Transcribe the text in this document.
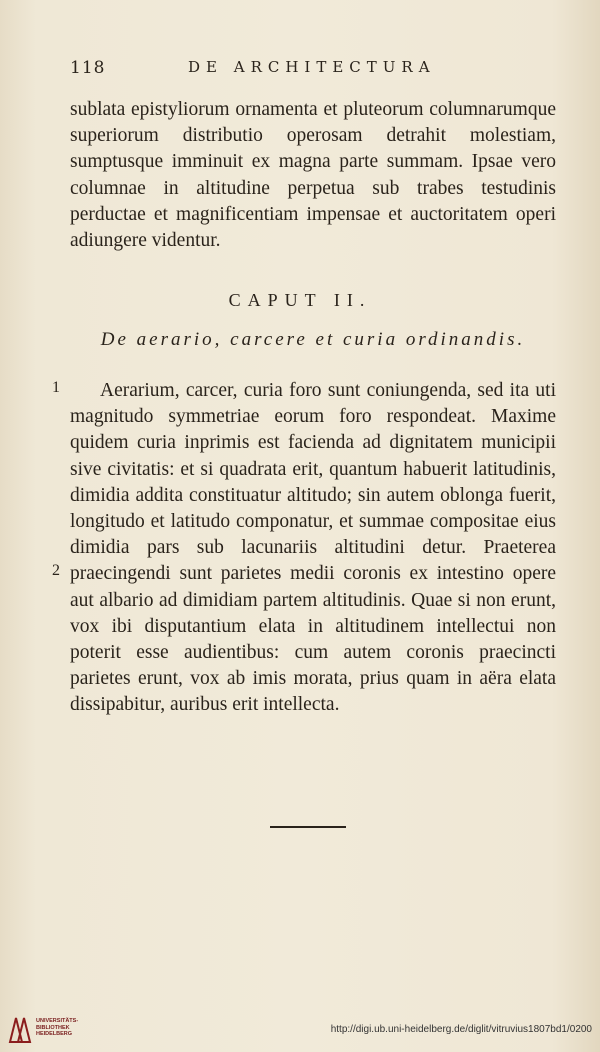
118	DE ARCHITECTURA
sublata epistyliorum ornamenta et pluteorum columnarumque superiorum distributio operosam detrahit molestiam, sumptusque imminuit ex magna parte summam. Ipsae vero columnae in altitudine perpetua sub trabes testudinis perductae et magnificentiam impensae et auctoritatem operi adiungere videntur.
CAPUT II.
De aerario, carcere et curia ordinandis.
1
2
Aerarium, carcer, curia foro sunt coniungenda, sed ita uti magnitudo symmetriae eorum foro respondeat. Maxime quidem curia inprimis est facienda ad dignitatem municipii sive civitatis: et si quadrata erit, quantum habuerit latitudinis, dimidia addita constituatur altitudo; sin autem oblonga fuerit, longitudo et latitudo componatur, et summae compositae eius dimidia pars sub lacunariis altitudini detur. Praeterea praecingendi sunt parietes medii coronis ex intestino opere aut albario ad dimidiam partem altitudinis. Quae si non erunt, vox ibi disputantium elata in altitudinem intellectui non poterit esse audientibus: cum autem coronis praecincti parietes erunt, vox ab imis morata, prius quam in aëra elata dissipabitur, auribus erit intellecta.
UNIVERSITÄTS-
BIBLIOTHEK
HEIDELBERG	http://digi.ub.uni-heidelberg.de/diglit/vitruvius1807bd1/0200
